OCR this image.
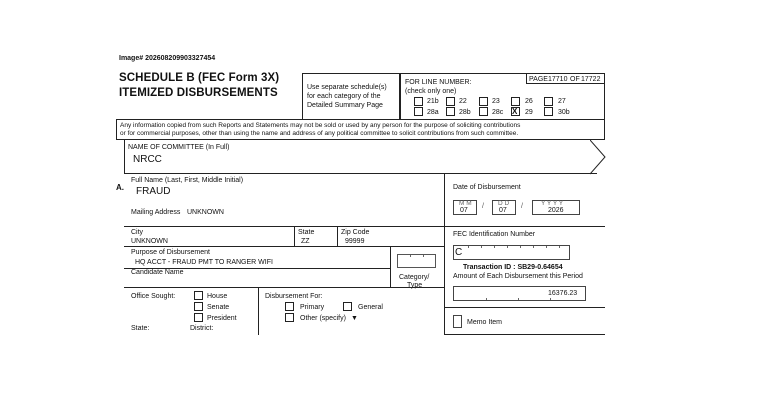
Image# 202608209903327454
SCHEDULE B (FEC Form 3X)
ITEMIZED DISBURSEMENTS	Use separate schedule(s)
for each category of the
Detailed Summary Page
FOR LINE NUMBER:
(check only one)
PAGE 17710 OF 17722
21b	22	23	26	27
28a	28b	28c X 29	30b
Any information copied from such Reports and Statements may not be sold or used by any person for the purpose of soliciting contributions
or for commercial purposes, other than using the name and address of any political committee to solicit contributions from such committee.
NAME OF COMMITTEE (In Full)
NRCC
A.
Full Name (Last, First, Middle Initial)
FRAUD
Mailing Address UNKNOWN
City
UNKNOWN
State
ZZ
Zip Code
99999
Purpose of Disbursement
HQ ACCT - FRAUD PMT TO RANGER WIFI
Candidate Name
Category/
Type
Office Sought:	House
Senate
President
State:	District:
Disbursement For:
Primary	General
Other (specify) ▼
Date of Disbursement
M M
07
/ D D
07
/	Y Y Y Y
2026
FEC Identification Number
C
Transaction ID : SB29-0.64654
Amount of Each Disbursement this Period
16376.23
Memo Item
